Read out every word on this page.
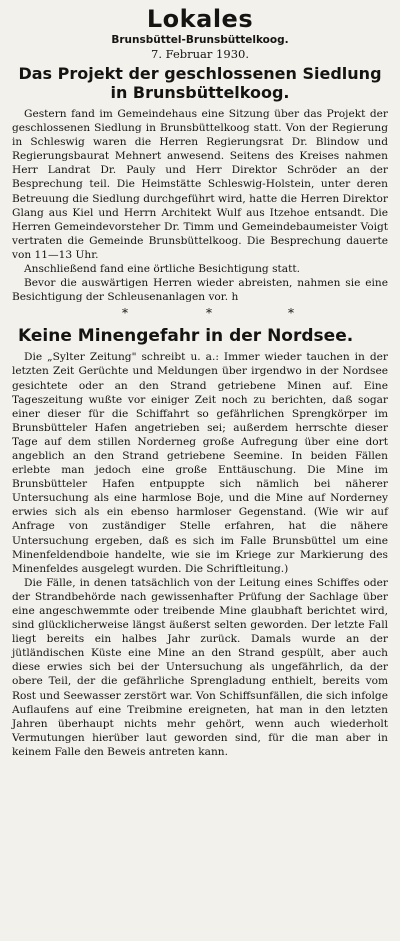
Lokales
Brunsbüttel-Brunsbüttelkoog.
7. Februar 1930.
Das Projekt der geschlossenen Siedlung
in Brunsbüttelkoog.

Gestern fand im Gemeindehaus eine Sitzung über das Projekt der geschlossenen Siedlung in Brunsbüttelkoog statt. Von der Regierung in Schleswig waren die Herren Regierungsrat Dr. Blindow und Regierungsbaurat Mehnert anwesend. Seitens des Kreises nahmen Herr Landrat Dr. Pauly und Herr Direktor Schröder an der Besprechung teil. Die Heimstätte Schleswig-Holstein, unter deren Betreuung die Siedlung durchgeführt wird, hatte die Herren Direktor Glang aus Kiel und Herrn Architekt Wulf aus Itzehoe entsandt. Die Herren Gemeindevorsteher Dr. Timm und Gemeindebaumeister Voigt vertraten die Gemeinde Brunsbüttelkoog. Die Besprechung dauerte von 11—13 Uhr.

Anschließend fand eine örtliche Besichtigung statt.

Bevor die auswärtigen Herren wieder abreisten, nahmen sie eine Besichtigung der Schleusenanlagen vor. h

*	*	*
Keine Minengefahr in der Nordsee.

Die „Sylter Zeitung" schreibt u. a.: Immer wieder tauchen in der letzten Zeit Gerüchte und Meldungen über irgendwo in der Nordsee gesichtete oder an den Strand getriebene Minen auf. Eine Tageszeitung wußte vor einiger Zeit noch zu berichten, daß sogar einer dieser für die Schiffahrt so gefährlichen Sprengkörper im Brunsbütteler Hafen angetrieben sei; außerdem herrschte dieser Tage auf dem stillen Norderneg große Aufregung über eine dort angeblich an den Strand getriebene Seemine. In beiden Fällen erlebte man jedoch eine große Enttäuschung. Die Mine im Brunsbütteler Hafen entpuppte sich nämlich bei näherer Untersuchung als eine harmlose Boje, und die Mine auf Norderney erwies sich als ein ebenso harmloser Gegenstand. (Wie wir auf Anfrage von zuständiger Stelle erfahren, hat die nähere Untersuchung ergeben, daß es sich im Falle Brunsbüttel um eine Minenfeldendboie handelte, wie sie im Kriege zur Markierung des Minenfeldes ausgelegt wurden. Die Schriftleitung.)

Die Fälle, in denen tatsächlich von der Leitung eines Schiffes oder der Strandbehörde nach gewissenhafter Prüfung der Sachlage über eine angeschwemmte oder treibende Mine glaubhaft berichtet wird, sind glücklicherweise längst äußerst selten geworden. Der letzte Fall liegt bereits ein halbes Jahr zurück. Damals wurde an der jütländischen Küste eine Mine an den Strand gespült, aber auch diese erwies sich bei der Untersuchung als ungefährlich, da der obere Teil, der die gefährliche Sprengladung enthielt, bereits vom Rost und Seewasser zerstört war. Von Schiffsunfällen, die sich infolge Auflaufens auf eine Treibmine ereigneten, hat man in den letzten Jahren überhaupt nichts mehr gehört, wenn auch wiederholt Vermutungen hierüber laut geworden sind, für die man aber in keinem Falle den Beweis antreten kann.
